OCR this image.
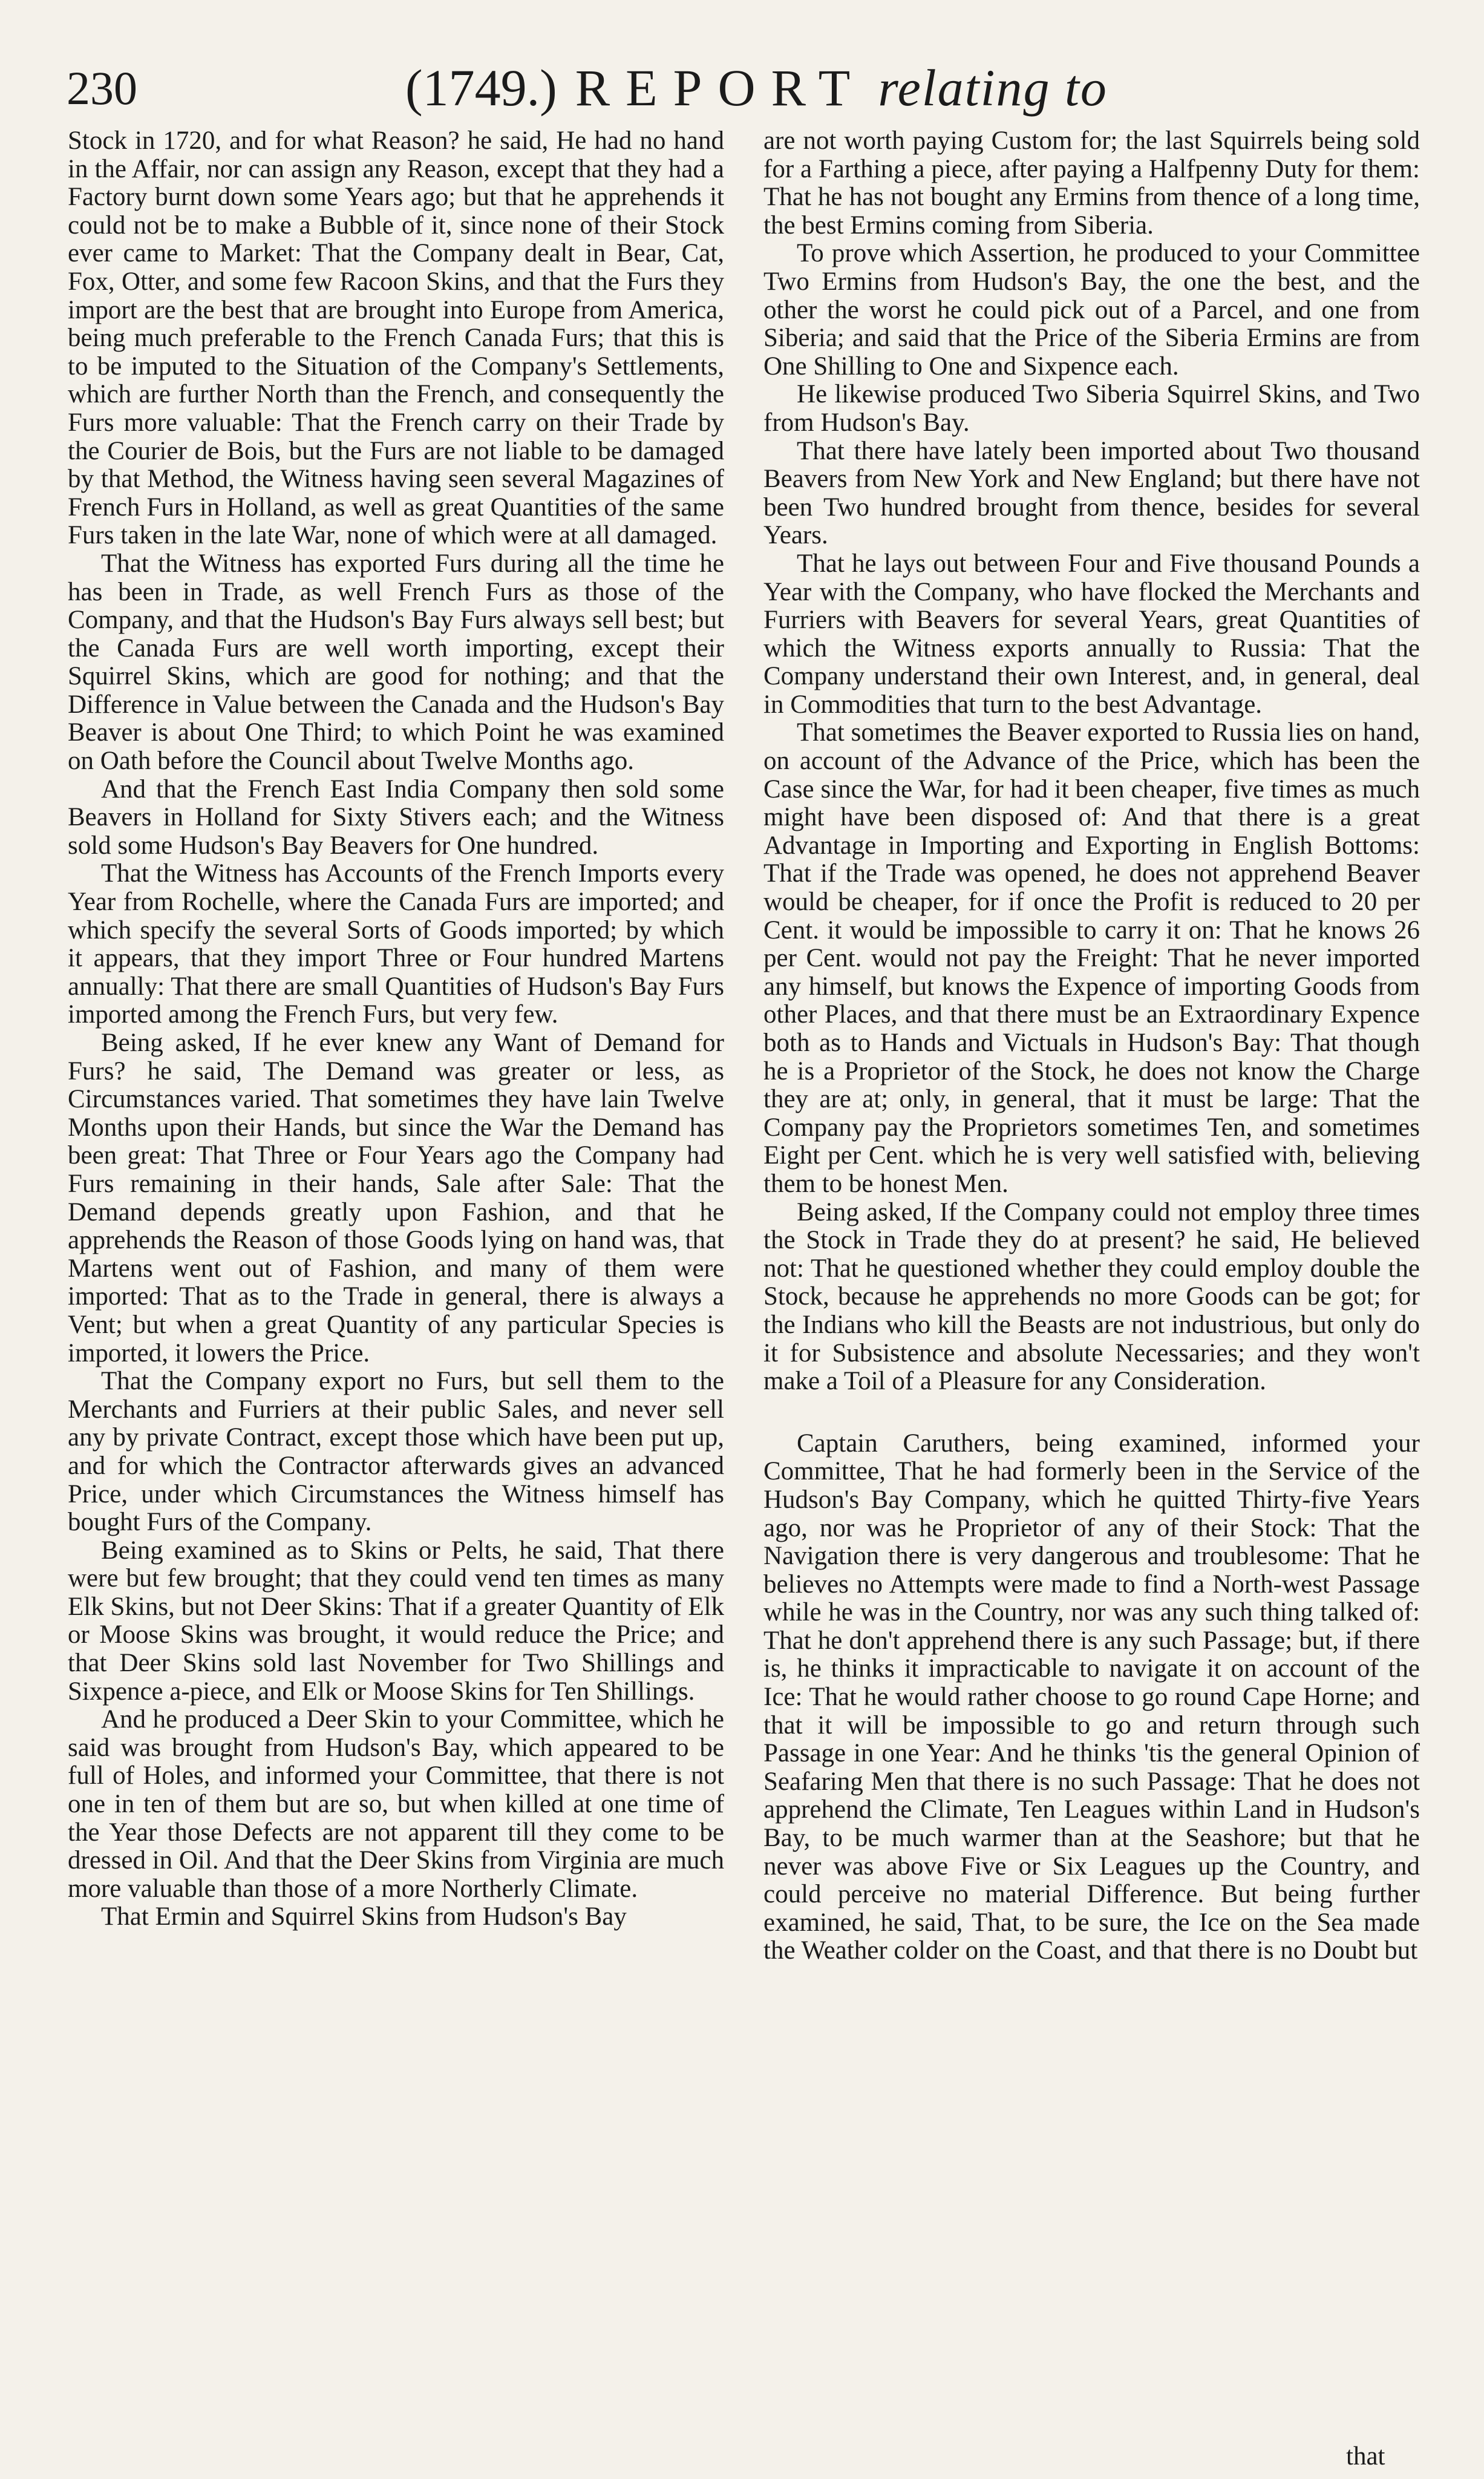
230	(1749.) REPORT relating to

Stock in 1720, and for what Reason? he said, He had no hand in the Affair, nor can assign any Reason, except that they had a Factory burnt down some Years ago; but that he apprehends it could not be to make a Bubble of it, since none of their Stock ever came to Market: That the Company dealt in Bear, Cat, Fox, Otter, and some few Racoon Skins, and that the Furs they import are the best that are brought into Europe from America, being much preferable to the French Canada Furs; that this is to be imputed to the Situation of the Company's Settlements, which are further North than the French, and consequently the Furs more valuable: That the French carry on their Trade by the Courier de Bois, but the Furs are not liable to be damaged by that Method, the Witness having seen several Magazines of French Furs in Holland, as well as great Quantities of the same Furs taken in the late War, none of which were at all damaged.

That the Witness has exported Furs during all the time he has been in Trade, as well French Furs as those of the Company, and that the Hudson's Bay Furs always sell best; but the Canada Furs are well worth importing, except their Squirrel Skins, which are good for nothing; and that the Difference in Value between the Canada and the Hudson's Bay Beaver is about One Third; to which Point he was examined on Oath before the Council about Twelve Months ago.

And that the French East India Company then sold some Beavers in Holland for Sixty Stivers each; and the Witness sold some Hudson's Bay Beavers for One hundred.

That the Witness has Accounts of the French Imports every Year from Rochelle, where the Canada Furs are imported; and which specify the several Sorts of Goods imported; by which it appears, that they import Three or Four hundred Martens annually: That there are small Quantities of Hudson's Bay Furs imported among the French Furs, but very few.

Being asked, If he ever knew any Want of Demand for Furs? he said, The Demand was greater or less, as Circumstances varied. That sometimes they have lain Twelve Months upon their Hands, but since the War the Demand has been great: That Three or Four Years ago the Company had Furs remaining in their hands, Sale after Sale: That the Demand depends greatly upon Fashion, and that he apprehends the Reason of those Goods lying on hand was, that Martens went out of Fashion, and many of them were imported: That as to the Trade in general, there is always a Vent; but when a great Quantity of any particular Species is imported, it lowers the Price.

That the Company export no Furs, but sell them to the Merchants and Furriers at their public Sales, and never sell any by private Contract, except those which have been put up, and for which the Contractor afterwards gives an advanced Price, under which Circumstances the Witness himself has bought Furs of the Company.

Being examined as to Skins or Pelts, he said, That there were but few brought; that they could vend ten times as many Elk Skins, but not Deer Skins: That if a greater Quantity of Elk or Moose Skins was brought, it would reduce the Price; and that Deer Skins sold last November for Two Shillings and Sixpence a-piece, and Elk or Moose Skins for Ten Shillings.

And he produced a Deer Skin to your Committee, which he said was brought from Hudson's Bay, which appeared to be full of Holes, and informed your Committee, that there is not one in ten of them but are so, but when killed at one time of the Year those Defects are not apparent till they come to be dressed in Oil. And that the Deer Skins from Virginia are much more valuable than those of a more Northerly Climate.

That Ermin and Squirrel Skins from Hudson's Bay

are not worth paying Custom for; the last Squirrels being sold for a Farthing a piece, after paying a Halfpenny Duty for them: That he has not bought any Ermins from thence of a long time, the best Ermins coming from Siberia.

To prove which Assertion, he produced to your Committee Two Ermins from Hudson's Bay, the one the best, and the other the worst he could pick out of a Parcel, and one from Siberia; and said that the Price of the Siberia Ermins are from One Shilling to One and Sixpence each.

He likewise produced Two Siberia Squirrel Skins, and Two from Hudson's Bay.

That there have lately been imported about Two thousand Beavers from New York and New England; but there have not been Two hundred brought from thence, besides for several Years.

That he lays out between Four and Five thousand Pounds a Year with the Company, who have flocked the Merchants and Furriers with Beavers for several Years, great Quantities of which the Witness exports annually to Russia: That the Company understand their own Interest, and, in general, deal in Commodities that turn to the best Advantage.

That sometimes the Beaver exported to Russia lies on hand, on account of the Advance of the Price, which has been the Case since the War, for had it been cheaper, five times as much might have been disposed of: And that there is a great Advantage in Importing and Exporting in English Bottoms: That if the Trade was opened, he does not apprehend Beaver would be cheaper, for if once the Profit is reduced to 20 per Cent. it would be impossible to carry it on: That he knows 26 per Cent. would not pay the Freight: That he never imported any himself, but knows the Expence of importing Goods from other Places, and that there must be an Extraordinary Expence both as to Hands and Victuals in Hudson's Bay: That though he is a Proprietor of the Stock, he does not know the Charge they are at; only, in general, that it must be large: That the Company pay the Proprietors sometimes Ten, and sometimes Eight per Cent. which he is very well satisfied with, believing them to be honest Men.

Being asked, If the Company could not employ three times the Stock in Trade they do at present? he said, He believed not: That he questioned whether they could employ double the Stock, because he apprehends no more Goods can be got; for the Indians who kill the Beasts are not industrious, but only do it for Subsistence and absolute Necessaries; and they won't make a Toil of a Pleasure for any Consideration.

Captain Caruthers, being examined, informed your Committee, That he had formerly been in the Service of the Hudson's Bay Company, which he quitted Thirty-five Years ago, nor was he Proprietor of any of their Stock: That the Navigation there is very dangerous and troublesome: That he believes no Attempts were made to find a North-west Passage while he was in the Country, nor was any such thing talked of: That he don't apprehend there is any such Passage; but, if there is, he thinks it impracticable to navigate it on account of the Ice: That he would rather choose to go round Cape Horne; and that it will be impossible to go and return through such Passage in one Year: And he thinks 'tis the general Opinion of Seafaring Men that there is no such Passage: That he does not apprehend the Climate, Ten Leagues within Land in Hudson's Bay, to be much warmer than at the Seashore; but that he never was above Five or Six Leagues up the Country, and could perceive no material Difference. But being further examined, he said, That, to be sure, the Ice on the Sea made the Weather colder on the Coast, and that there is no Doubt but

that
